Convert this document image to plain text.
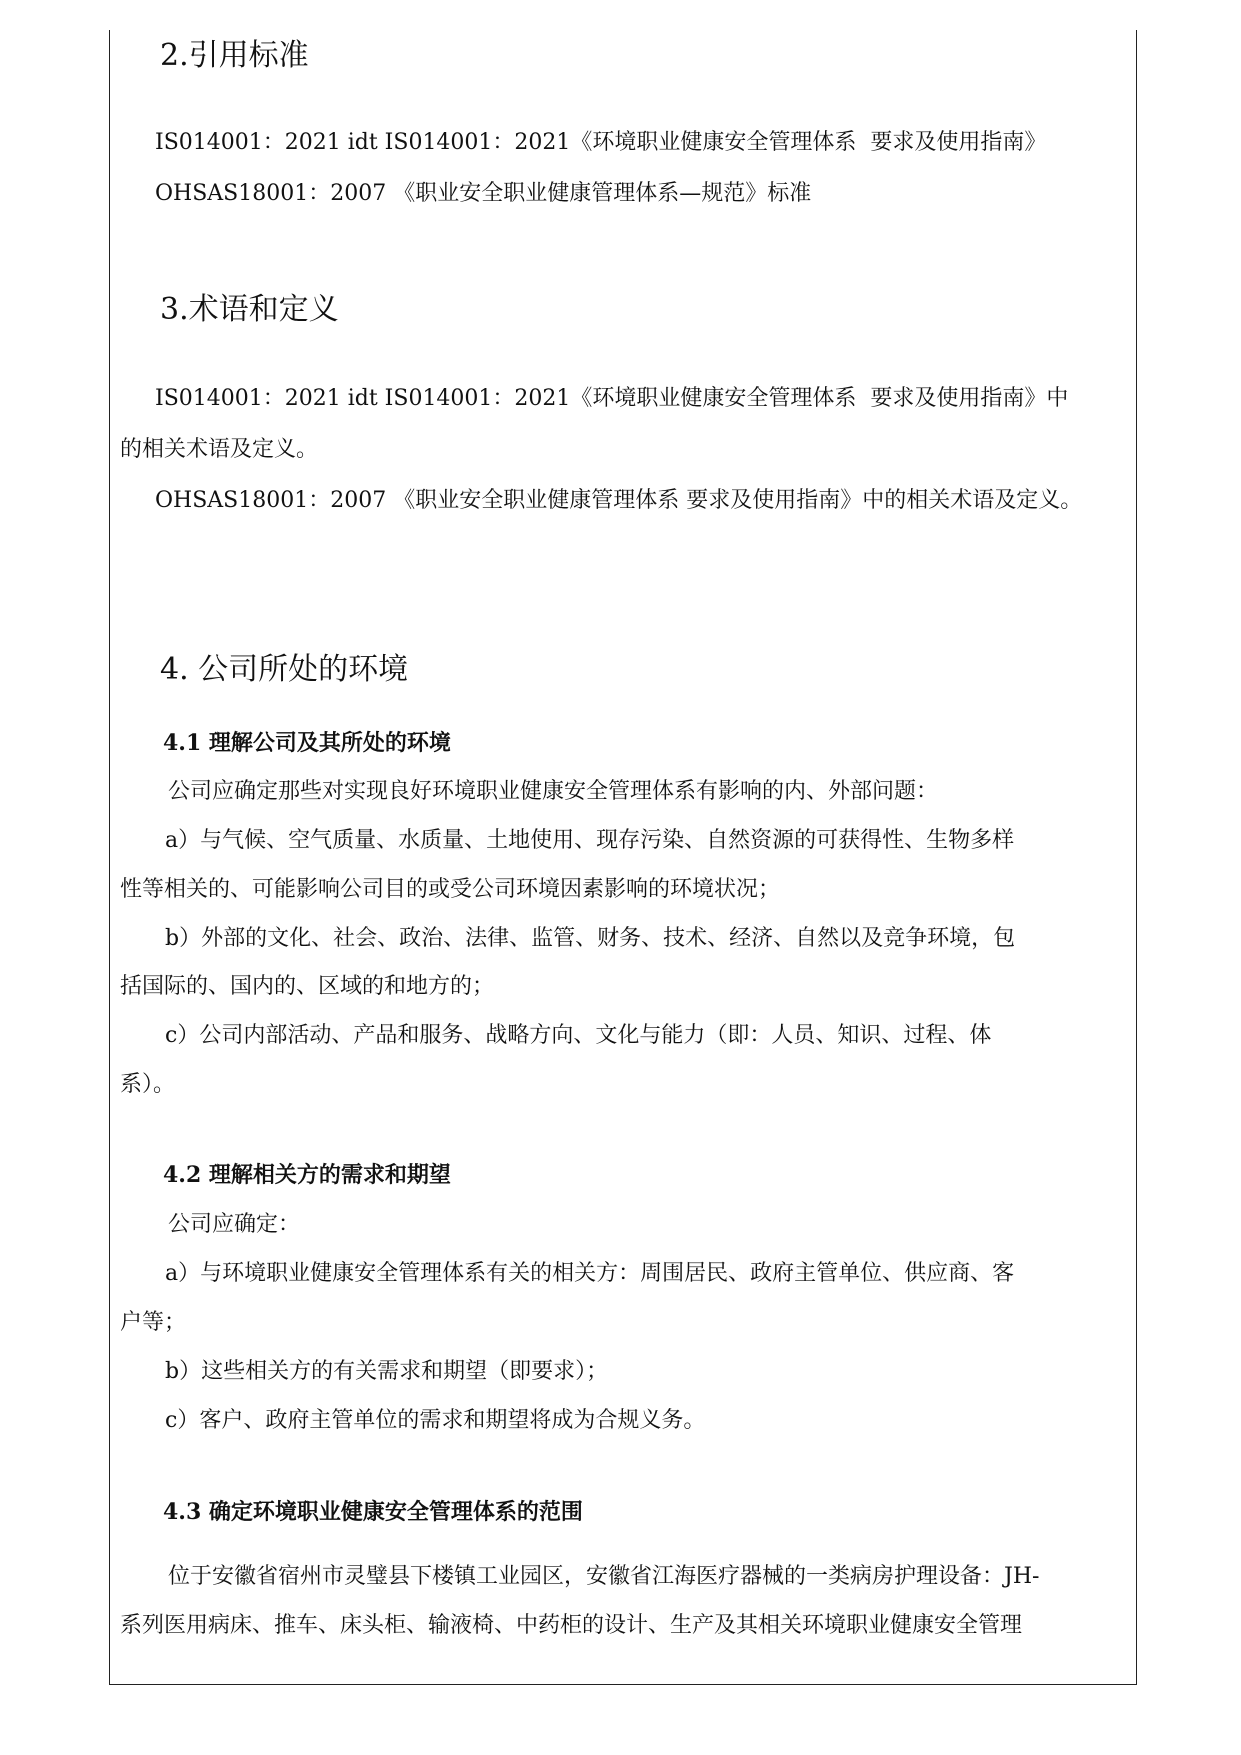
2.引用标准
IS014001：2021 idt IS014001：2021《环境职业健康安全管理体系  要求及使用指南》
OHSAS18001：2007 《职业安全职业健康管理体系—规范》标准
3.术语和定义
IS014001：2021 idt IS014001：2021《环境职业健康安全管理体系  要求及使用指南》中
的相关术语及定义。
OHSAS18001：2007 《职业安全职业健康管理体系 要求及使用指南》中的相关术语及定义。
4. 公司所处的环境
4.1 理解公司及其所处的环境
公司应确定那些对实现良好环境职业健康安全管理体系有影响的内、外部问题：
a）与气候、空气质量、水质量、土地使用、现存污染、自然资源的可获得性、生物多样
性等相关的、可能影响公司目的或受公司环境因素影响的环境状况；
b）外部的文化、社会、政治、法律、监管、财务、技术、经济、自然以及竞争环境，包
括国际的、国内的、区域的和地方的；
c）公司内部活动、产品和服务、战略方向、文化与能力（即：人员、知识、过程、体
系）。
4.2 理解相关方的需求和期望
公司应确定：
a）与环境职业健康安全管理体系有关的相关方：周围居民、政府主管单位、供应商、客
户等；
b）这些相关方的有关需求和期望（即要求）；
c）客户、政府主管单位的需求和期望将成为合规义务。
4.3 确定环境职业健康安全管理体系的范围
位于安徽省宿州市灵璧县下楼镇工业园区，安徽省江海医疗器械的一类病房护理设备：JH-
系列医用病床、推车、床头柜、输液椅、中药柜的设计、生产及其相关环境职业健康安全管理
